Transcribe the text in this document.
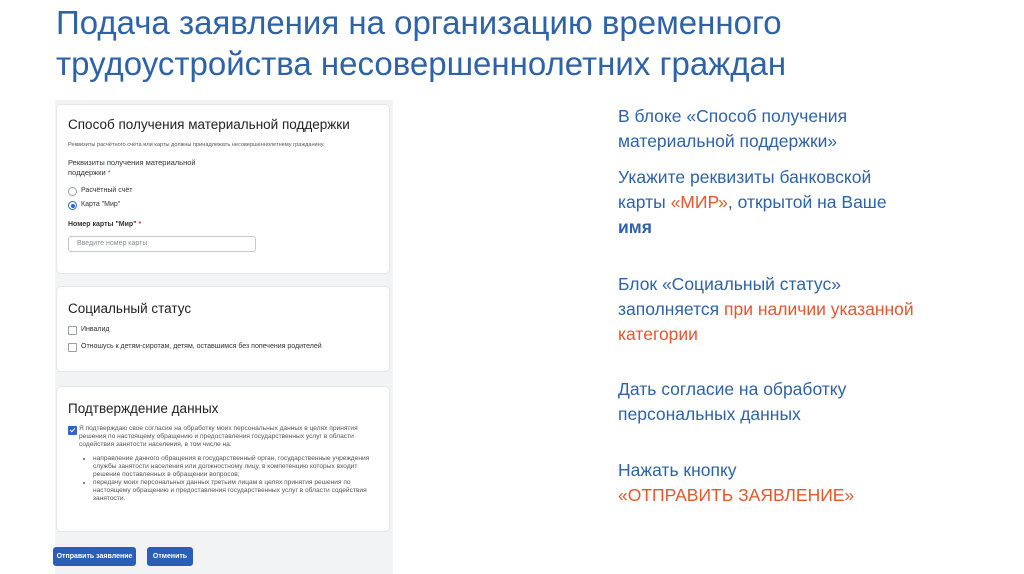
Подача заявления на организацию временного
трудоустройства несовершеннолетних граждан
Способ получения материальной поддержки
Реквизиты расчётного счёта или карты должны принадлежать несовершеннолетнему гражданину.
Реквизиты получения материальной
поддержки *
Расчётный счёт
Карта "Мир"
Номер карты "Мир" *
Введите номер карты
Социальный статус
Инвалид
Отношусь к детям-сиротам, детям, оставшимся без попечения родителей
Подтверждение данных
Я подтверждаю свое согласие на обработку моих персональных данных в целях принятия
решения по настоящему обращению и предоставления государственных услуг в области
содействия занятости населения, в том числе на:
• направление данного обращения в государственный орган, государственные учреждения службы занятости населения или должностному лицу, в компетенцию которых входит решение поставленных в обращении вопросов;
• передачу моих персональных данных третьим лицам в целях принятия решения по настоящему обращению и предоставления государственных услуг в области содействия занятости.
Отправить заявление	Отменить
В блоке «Способ получения
материальной поддержки»
Укажите реквизиты банковской
карты «МИР», открытой на Ваше
имя
Блок «Социальный статус»
заполняется при наличии указанной
категории
Дать согласие на обработку
персональных данных
Нажать кнопку
«ОТПРАВИТЬ ЗАЯВЛЕНИЕ»
